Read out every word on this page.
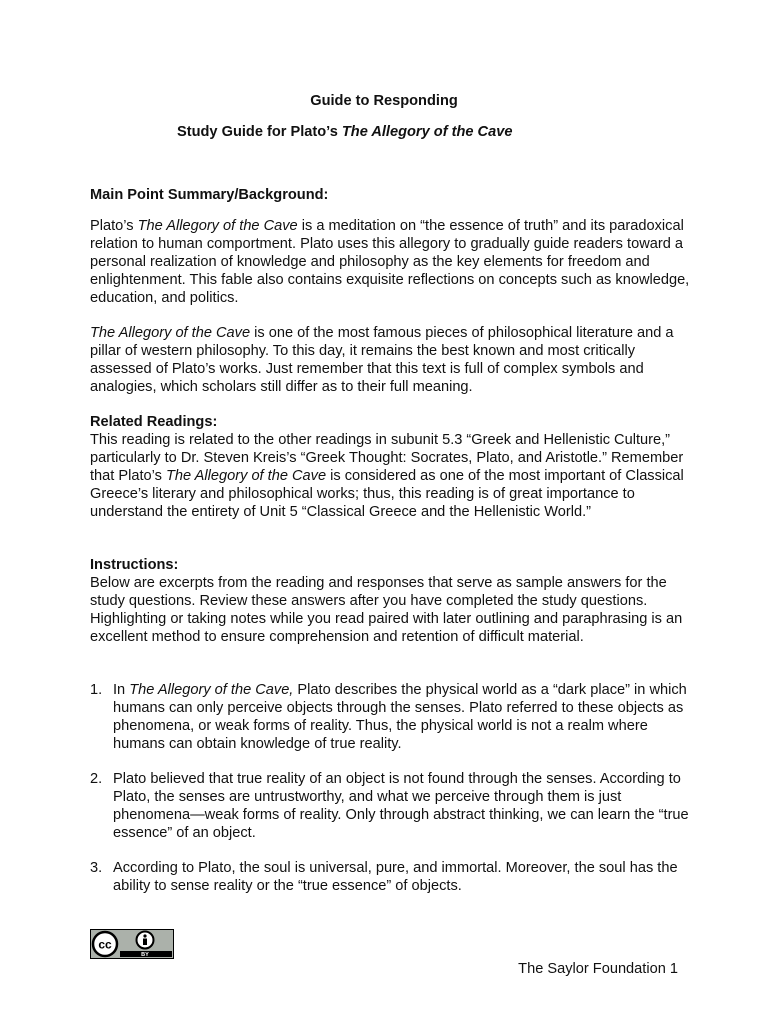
Guide to Responding
Study Guide for Plato’s The Allegory of the Cave
Main Point Summary/Background:

Plato’s The Allegory of the Cave is a meditation on “the essence of truth” and its paradoxical relation to human comportment. Plato uses this allegory to gradually guide readers toward a personal realization of knowledge and philosophy as the key elements for freedom and enlightenment. This fable also contains exquisite reflections on concepts such as knowledge, education, and politics.

The Allegory of the Cave is one of the most famous pieces of philosophical literature and a pillar of western philosophy. To this day, it remains the best known and most critically assessed of Plato’s works. Just remember that this text is full of complex symbols and analogies, which scholars still differ as to their full meaning.

Related Readings:

This reading is related to the other readings in subunit 5.3 “Greek and Hellenistic Culture,” particularly to Dr. Steven Kreis’s “Greek Thought: Socrates, Plato, and Aristotle.” Remember that Plato’s The Allegory of the Cave is considered as one of the most important of Classical Greece’s literary and philosophical works; thus, this reading is of great importance to understand the entirety of Unit 5 “Classical Greece and the Hellenistic World.”

Instructions:

Below are excerpts from the reading and responses that serve as sample answers for the study questions. Review these answers after you have completed the study questions. Highlighting or taking notes while you read paired with later outlining and paraphrasing is an excellent method to ensure comprehension and retention of difficult material.

1. In The Allegory of the Cave, Plato describes the physical world as a “dark place” in which humans can only perceive objects through the senses. Plato referred to these objects as phenomena, or weak forms of reality. Thus, the physical world is not a realm where humans can obtain knowledge of true reality.
2. Plato believed that true reality of an object is not found through the senses. According to Plato, the senses are untrustworthy, and what we perceive through them is just phenomena—weak forms of reality. Only through abstract thinking, we can learn the “true essence” of an object.
3. According to Plato, the soul is universal, pure, and immortal. Moreover, the soul has the ability to sense reality or the “true essence” of objects.
cc
BY
The Saylor Foundation 1
